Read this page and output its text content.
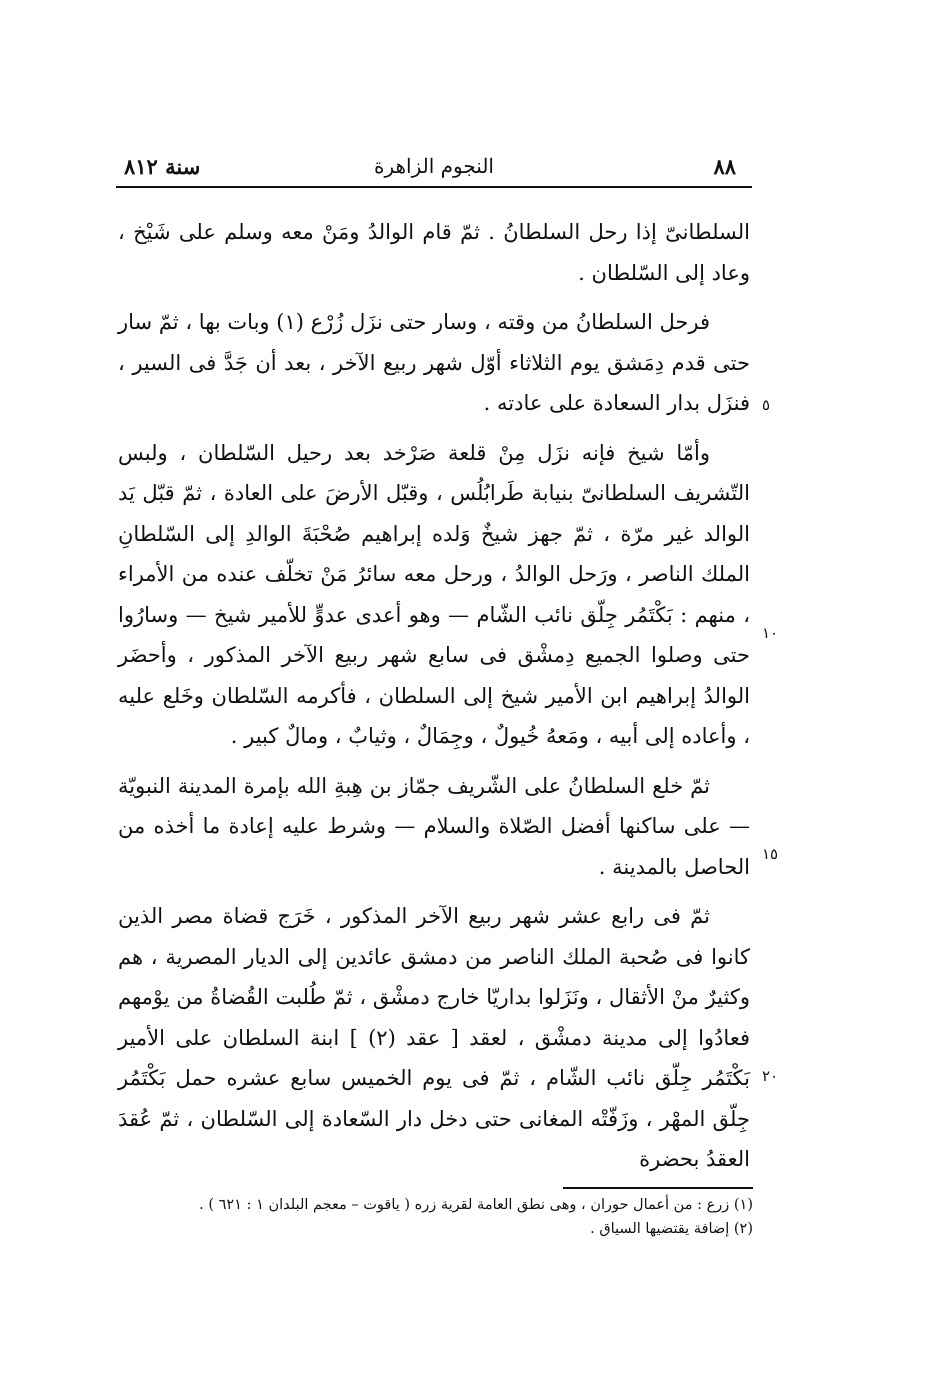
٨٨
النجوم الزاهرة
سنة ٨١٢

السلطانىّ إذا رحل السلطانُ . ثمّ قام الوالدُ ومَنْ معه وسلم على شَيْخ ، وعاد إلى السّلطان .

فرحل السلطانُ من وقته ، وسار حتى نزَل زُرْع (١) وبات بها ، ثمّ سار حتى قدم دِمَشق يوم الثلاثاء أوّل شهر ربيع الآخر ، بعد أن جَدَّ فى السير ، فنزَل بدار السعادة على عادته .

وأمّا شيخ فإنه نزَل مِنْ قلعة صَرْخد بعد رحيل السّلطان ، ولبس التّشريف السلطانىّ بنيابة طَرابُلُس ، وقبّل الأرضَ على العادة ، ثمّ قبّل يَد الوالد غير مرّة ، ثمّ جهز شيخٌ وَلده إبراهيم صُحْبَةَ الوالدِ إلى السّلطانِ الملك الناصر ، ورَحل الوالدُ ، ورحل معه سائرُ مَنْ تخلّف عنده من الأمراء ، منهم : بَكْتَمُر جِلّق نائب الشّام — وهو أعدى عدوٍّ للأمير شيخ — وسارُوا حتى وصلوا الجميع دِمشْق فى سابع شهر ربيع الآخر المذكور ، وأحضَر الوالدُ إبراهيم ابن الأمير شيخ إلى السلطان ، فأكرمه السّلطان وخَلع عليه ، وأعاده إلى أبيه ، ومَعهُ خُيولٌ ، وجِمَالٌ ، وثيابٌ ، ومالٌ كبير .

ثمّ خلع السلطانُ على الشّريف جمّاز بن هِبةِ الله بإمرة المدينة النبويّة — على ساكنها أفضل الصّلاة والسلام — وشرط عليه إعادة ما أخذه من الحاصل بالمدينة .

ثمّ فى رابع عشر شهر ربيع الآخر المذكور ، خَرَج قضاة مصر الذين كانوا فى صُحبة الملك الناصر من دمشق عائدين إلى الديار المصرية ، هم وكثيرٌ منْ الأثقال ، ونَزَلوا بداريّا خارج دمشْق ، ثمّ طُلبت القُضاةُ من يوْمهم فعادُوا إلى مدينة دمشْق ، لعقد [ عقد (٢) ] ابنة السلطان على الأمير بَكْتَمُر جِلّق نائب الشّام ، ثمّ فى يوم الخميس سابع عشره حمل بَكْتَمُر جِلّق المهْر ، وزَفّتْه المغانى حتى دخل دار السّعادة إلى السّلطان ، ثمّ عُقدَ العقدُ بحضرة

٥
١٠
١٥
٢٠
(١) زرع : من أعمال حوران ، وهى نطق العامة لقرية زره ( ياقوت – معجم البلدان ١ : ٦٢١ ) .
(٢) إضافة يقتضيها السياق .
